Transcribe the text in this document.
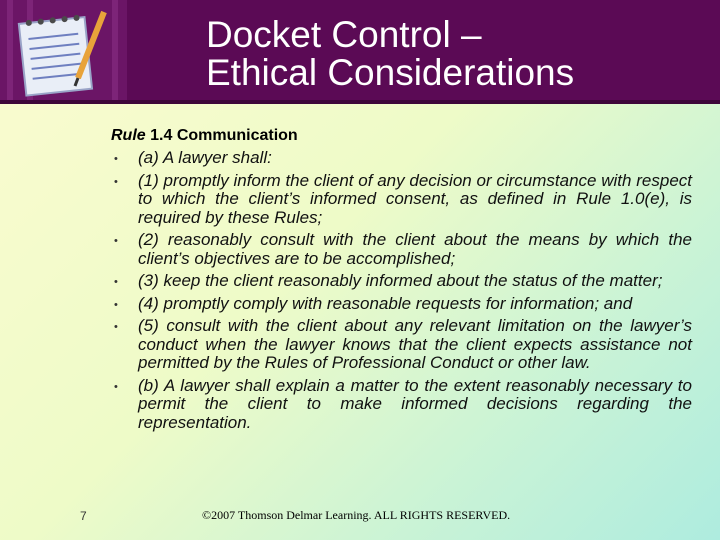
Docket Control –
Ethical Considerations
Rule 1.4 Communication
• (a) A lawyer shall:
• (1) promptly inform the client of any decision or circumstance with respect to which the client’s informed consent, as defined in Rule 1.0(e), is required by these Rules;
• (2) reasonably consult with the client about the means by which the client’s objectives are to be accomplished;
• (3) keep the client reasonably informed about the status of the matter;
• (4) promptly comply with reasonable requests for information; and
• (5) consult with the client about any relevant limitation on the lawyer’s conduct when the lawyer knows that the client expects assistance not permitted by the Rules of Professional Conduct or other law.
• (b) A lawyer shall explain a matter to the extent reasonably necessary to permit the client to make informed decisions regarding the representation.
7	©2007 Thomson Delmar Learning. ALL RIGHTS RESERVED.
